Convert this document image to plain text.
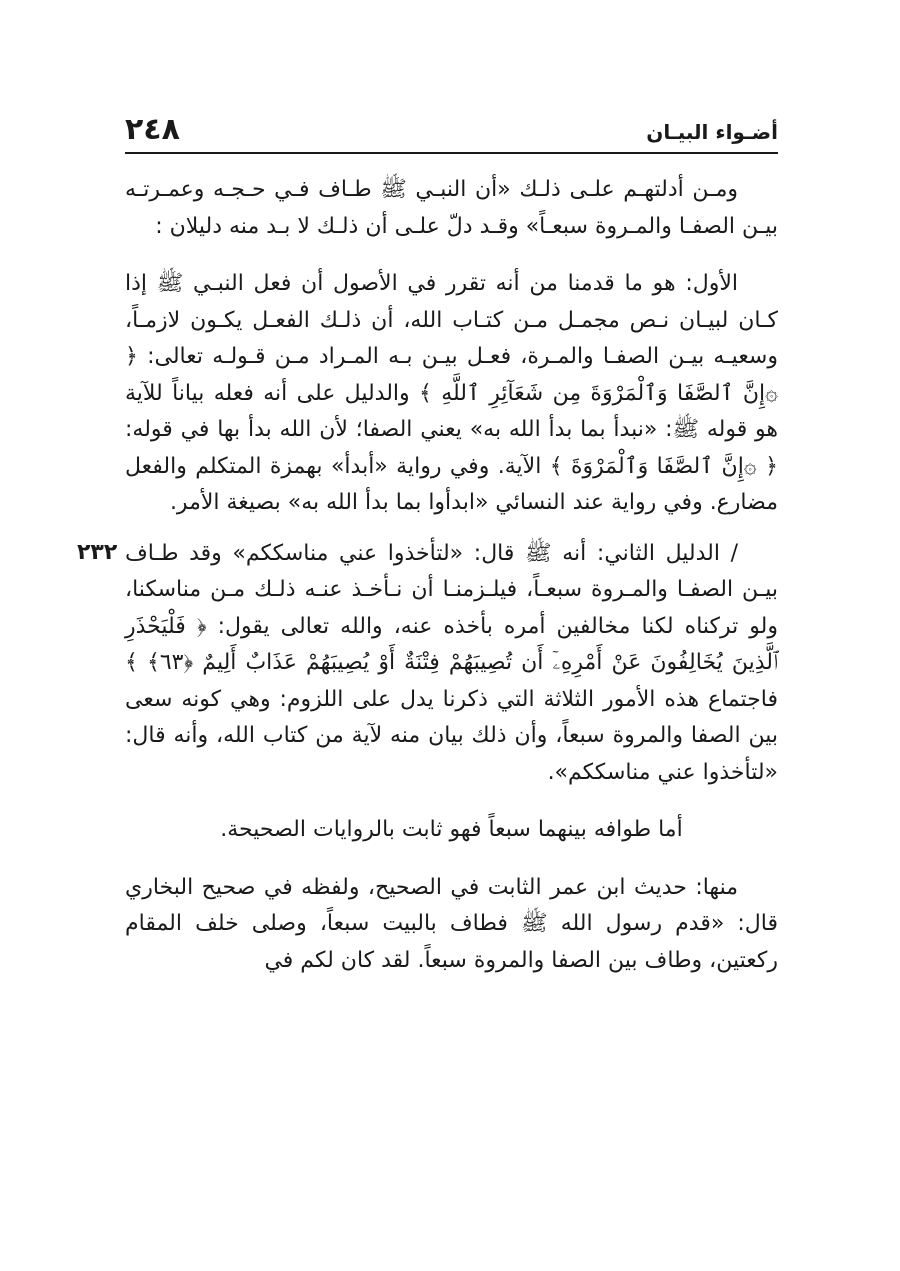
٢٤٨	أضـواء البيـان

ومـن أدلتهـم علـى ذلـك «أن النبـي ﷺ طـاف فـي حـجـه وعمـرتـه بيـن الصفـا والمـروة سبعـاً» وقـد دلّ علـى أن ذلـك لا بـد منه دليلان :

الأول: هو ما قدمنا من أنه تقرر في الأصول أن فعل النبـي ﷺ إذا كـان لبيـان نـص مجمـل مـن كتـاب الله، أن ذلـك الفعـل يكـون لازمـاً، وسعيـه بيـن الصفـا والمـرة، فعـل بيـن بـه المـراد مـن قـولـه تعالى: ﴿ ۞إِنَّ ٱلصَّفَا وَٱلْمَرْوَةَ مِن شَعَآئِرِ ٱللَّهِ ﴾ والدليل على أنه فعله بياناً للآية هو قوله ﷺ: «نبدأ بما بدأ الله به» يعني الصفا؛ لأن الله بدأ بها في قوله: ﴿ ۞إِنَّ ٱلصَّفَا وَٱلْمَرْوَةَ ﴾ الآية. وفي رواية «أبدأ» بهمزة المتكلم والفعل مضارع. وفي رواية عند النسائي «ابدأوا بما بدأ الله به» بصيغة الأمر.

٢٣٢ / الدليل الثاني: أنه ﷺ قال: «لتأخذوا عني مناسككم» وقد طـاف بيـن الصفـا والمـروة سبعـاً، فيلـزمنـا أن نـأخـذ عنـه ذلـك مـن مناسكنا، ولو تركناه لكنا مخالفين أمره بأخذه عنه، والله تعالى يقول: ﴿ فَلْيَحْذَرِ ٱلَّذِينَ يُخَالِفُونَ عَنْ أَمْرِهِۦٓ أَن تُصِيبَهُمْ فِتْنَةٌ أَوْ يُصِيبَهُمْ عَذَابٌ أَلِيمٌ ﴿٦٣﴾ ﴾ فاجتماع هذه الأمور الثلاثة التي ذكرنا يدل على اللزوم: وهي كونه سعى بين الصفا والمروة سبعاً، وأن ذلك بيان منه لآية من كتاب الله، وأنه قال: «لتأخذوا عني مناسككم».

أما طوافه بينهما سبعاً فهو ثابت بالروايات الصحيحة.

منها: حديث ابن عمر الثابت في الصحيح، ولفظه في صحيح البخاري قال: «قدم رسول الله ﷺ فطاف بالبيت سبعاً، وصلى خلف المقام ركعتين، وطاف بين الصفا والمروة سبعاً. لقد كان لكم في
